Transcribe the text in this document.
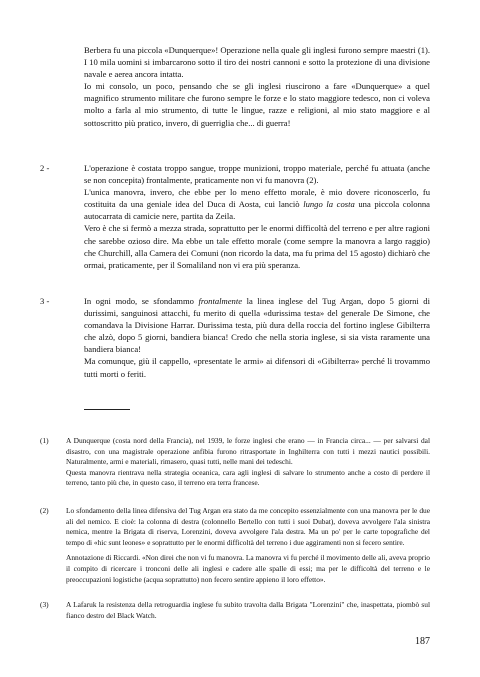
Berbera fu una piccola «Dunquerque»! Operazione nella quale gli inglesi furono sempre maestri (1). I 10 mila uomini si imbarcarono sotto il tiro dei nostri cannoni e sotto la protezione di una divisione navale e aerea ancora intatta.

Io mi consolo, un poco, pensando che se gli inglesi riuscirono a fare «Dunquerque» a quel magnifico strumento militare che furono sempre le forze e lo stato maggiore tedesco, non ci voleva molto a farla al mio strumento, di tutte le lingue, razze e religioni, al mio stato maggiore e al sottoscritto più pratico, invero, di guerriglia che... di guerra!

2 -	L'operazione è costata troppo sangue, troppe munizioni, troppo materiale, perché fu attuata (anche se non concepita) frontalmente, praticamente non vi fu manovra (2).

L'unica manovra, invero, che ebbe per lo meno effetto morale, è mio dovere riconoscerlo, fu costituita da una geniale idea del Duca di Aosta, cui lanciò lungo la costa una piccola colonna autocarrata di camicie nere, partita da Zeila.

Vero è che si fermò a mezza strada, soprattutto per le enormi difficoltà del terreno e per altre ragioni che sarebbe ozioso dire. Ma ebbe un tale effetto morale (come sempre la manovra a largo raggio) che Churchill, alla Camera dei Comuni (non ricordo la data, ma fu prima del 15 agosto) dichiarò che ormai, praticamente, per il Somaliland non vi era più speranza.

3 -	In ogni modo, se sfondammo frontalmente la linea inglese del Tug Argan, dopo 5 giorni di durissimi, sanguinosi attacchi, fu merito di quella «durissima testa» del generale De Simone, che comandava la Divisione Harrar. Durissima testa, più dura della roccia del fortino inglese Gibilterra che alzò, dopo 5 giorni, bandiera bianca! Credo che nella storia inglese, si sia vista raramente una bandiera bianca!

Ma comunque, giù il cappello, «presentate le armi» ai difensori di «Gibilterra» perché li trovammo tutti morti o feriti.

(1) A Dunquerque (costa nord della Francia), nel 1939, le forze inglesi che erano — in Francia circa... — per salvarsi dal disastro, con una magistrale operazione anfibia furono ritrasportate in Inghilterra con tutti i mezzi nautici possibili. Naturalmente, armi e materiali, rimasero, quasi tutti, nelle mani dei tedeschi.

Questa manovra rientrava nella strategia oceanica, cara agli inglesi di salvare lo strumento anche a costo di perdere il terreno, tanto più che, in questo caso, il terreno era terra francese.

(2) Lo sfondamento della linea difensiva del Tug Argan era stato da me concepito essenzialmente con una manovra per le due ali del nemico. E cioè: la colonna di destra (colonnello Bertello con tutti i suoi Dubat), doveva avvolgere l'ala sinistra nemica, mentre la Brigata di riserva, Lorenzini, doveva avvolgere l'ala destra. Ma un po' per le carte topografiche del tempo di «hic sunt leones» e soprattutto per le enormi difficoltà del terreno i due aggiramenti non si fecero sentire.

Annotazione di Riccardi. «Non direi che non vi fu manovra. La manovra vi fu perché il movimento delle ali, aveva proprio il compito di ricercare i tronconi delle ali inglesi e cadere alle spalle di essi; ma per le difficoltà del terreno e le preoccupazioni logistiche (acqua soprattutto) non fecero sentire appieno il loro effetto».

(3) A Lafaruk la resistenza della retroguardia inglese fu subito travolta dalla Brigata "Lorenzini" che, inaspettata, piombò sul fianco destro del Black Watch.

187
